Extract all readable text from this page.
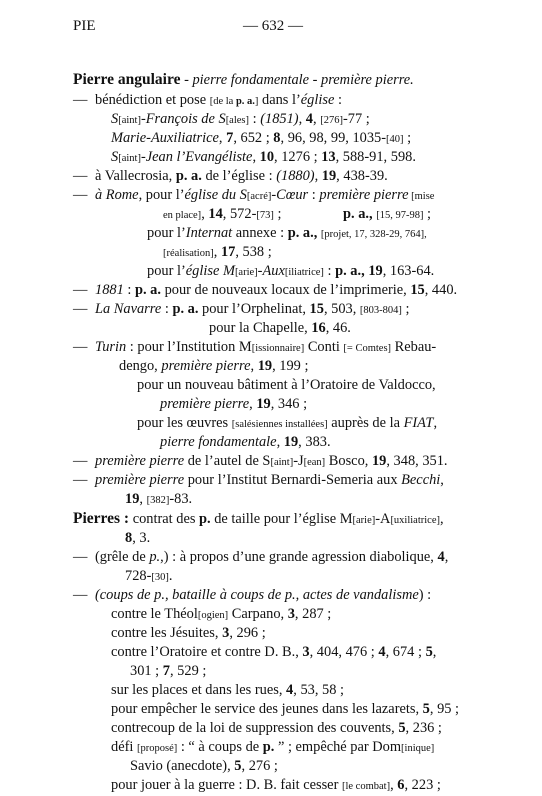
PIE	— 632 —
Pierre angulaire - pierre fondamentale - première pierre.
— bénédiction et pose [de la p. a.] dans l’église :
S[aint]-François de S[ales] : (1851), 4, [276]-77 ;
Marie-Auxiliatrice, 7, 652 ; 8, 96, 98, 99, 1035-[40] ;
S[aint]-Jean l’Evangéliste, 10, 1276 ; 13, 588-91, 598.
— à Vallecrosia, p. a. de l’église : (1880), 19, 438-39.
— à Rome, pour l’église du S[acré]-Cœur : première pierre [mise
en place], 14, 572-[73] ;	p. a., [15, 97-98] ;
pour l’Internat annexe : p. a., [projet, 17, 328-29, 764],
[réalisation], 17, 538 ;
pour l’église M[arie]-Aux[iliatrice] : p. a., 19, 163-64.
— 1881 : p. a. pour de nouveaux locaux de l’imprimerie, 15, 440.
— La Navarre : p. a. pour l’Orphelinat, 15, 503, [803-804] ;
pour la Chapelle, 16, 46.
— Turin : pour l’Institution M[issionnaire] Conti [= Comtes] Rebau-
dengo, première pierre, 19, 199 ;
pour un nouveau bâtiment à l’Oratoire de Valdocco,
première pierre, 19, 346 ;
pour les œuvres [salésiennes installées] auprès de la FIAT,
pierre fondamentale, 19, 383.
— première pierre de l’autel de S[aint]-J[ean] Bosco, 19, 348, 351.
— première pierre pour l’Institut Bernardi-Semeria aux Becchi,
19, [382]-83.
Pierres : contrat des p. de taille pour l’église M[arie]-A[uxiliatrice],
8, 3.
— (grêle de p.,) : à propos d’une grande agression diabolique, 4,
728-[30].
— (coups de p., bataille à coups de p., actes de vandalisme) :
contre le Théol[ogien] Carpano, 3, 287 ;
contre les Jésuites, 3, 296 ;
contre l’Oratoire et contre D. B., 3, 404, 476 ; 4, 674 ; 5,
301 ; 7, 529 ;
sur les places et dans les rues, 4, 53, 58 ;
pour empêcher le service des jeunes dans les lazarets, 5, 95 ;
contrecoup de la loi de suppression des couvents, 5, 236 ;
défi [proposé] : “ à coups de p. ” ; empêché par Dom[inique]
Savio (anecdote), 5, 276 ;
pour jouer à la guerre : D. B. fait cesser [le combat], 6, 223 ;
